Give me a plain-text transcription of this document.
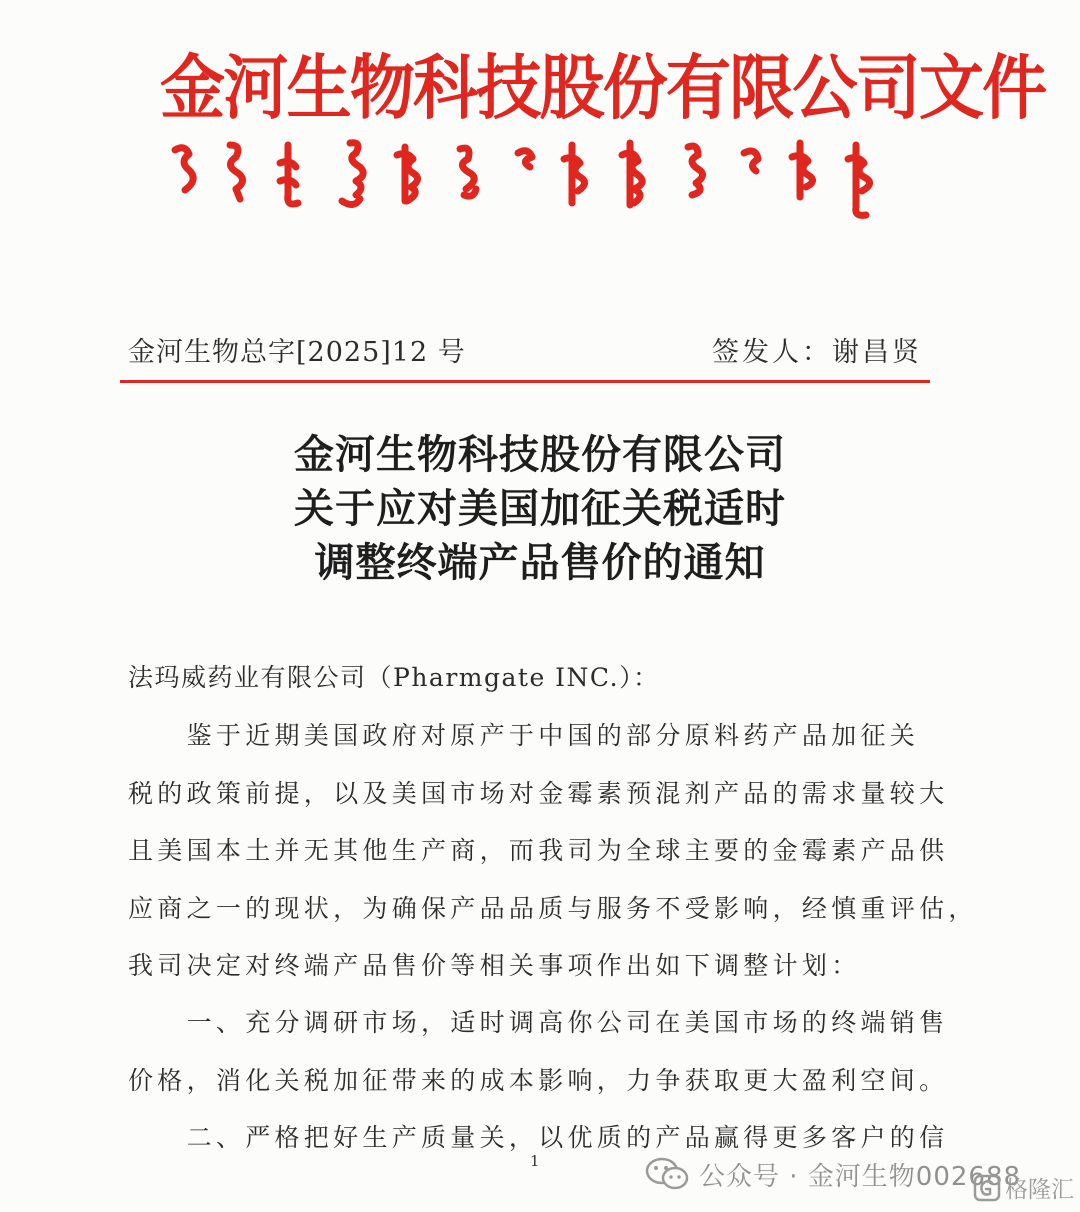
金河生物科技股份有限公司文件
金河生物总字[2025]12 号	签发人：谢昌贤
金河生物科技股份有限公司
关于应对美国加征关税适时
调整终端产品售价的通知
法玛威药业有限公司（Pharmgate INC.）：
　　鉴于近期美国政府对原产于中国的部分原料药产品加征关
税的政策前提，以及美国市场对金霉素预混剂产品的需求量较大
且美国本土并无其他生产商，而我司为全球主要的金霉素产品供
应商之一的现状，为确保产品品质与服务不受影响，经慎重评估，
我司决定对终端产品售价等相关事项作出如下调整计划：
　　一、充分调研市场，适时调高你公司在美国市场的终端销售
价格，消化关税加征带来的成本影响，力争获取更大盈利空间。
　　二、严格把好生产质量关，以优质的产品赢得更多客户的信
1
公众号 · 金河生物002688
格隆汇
